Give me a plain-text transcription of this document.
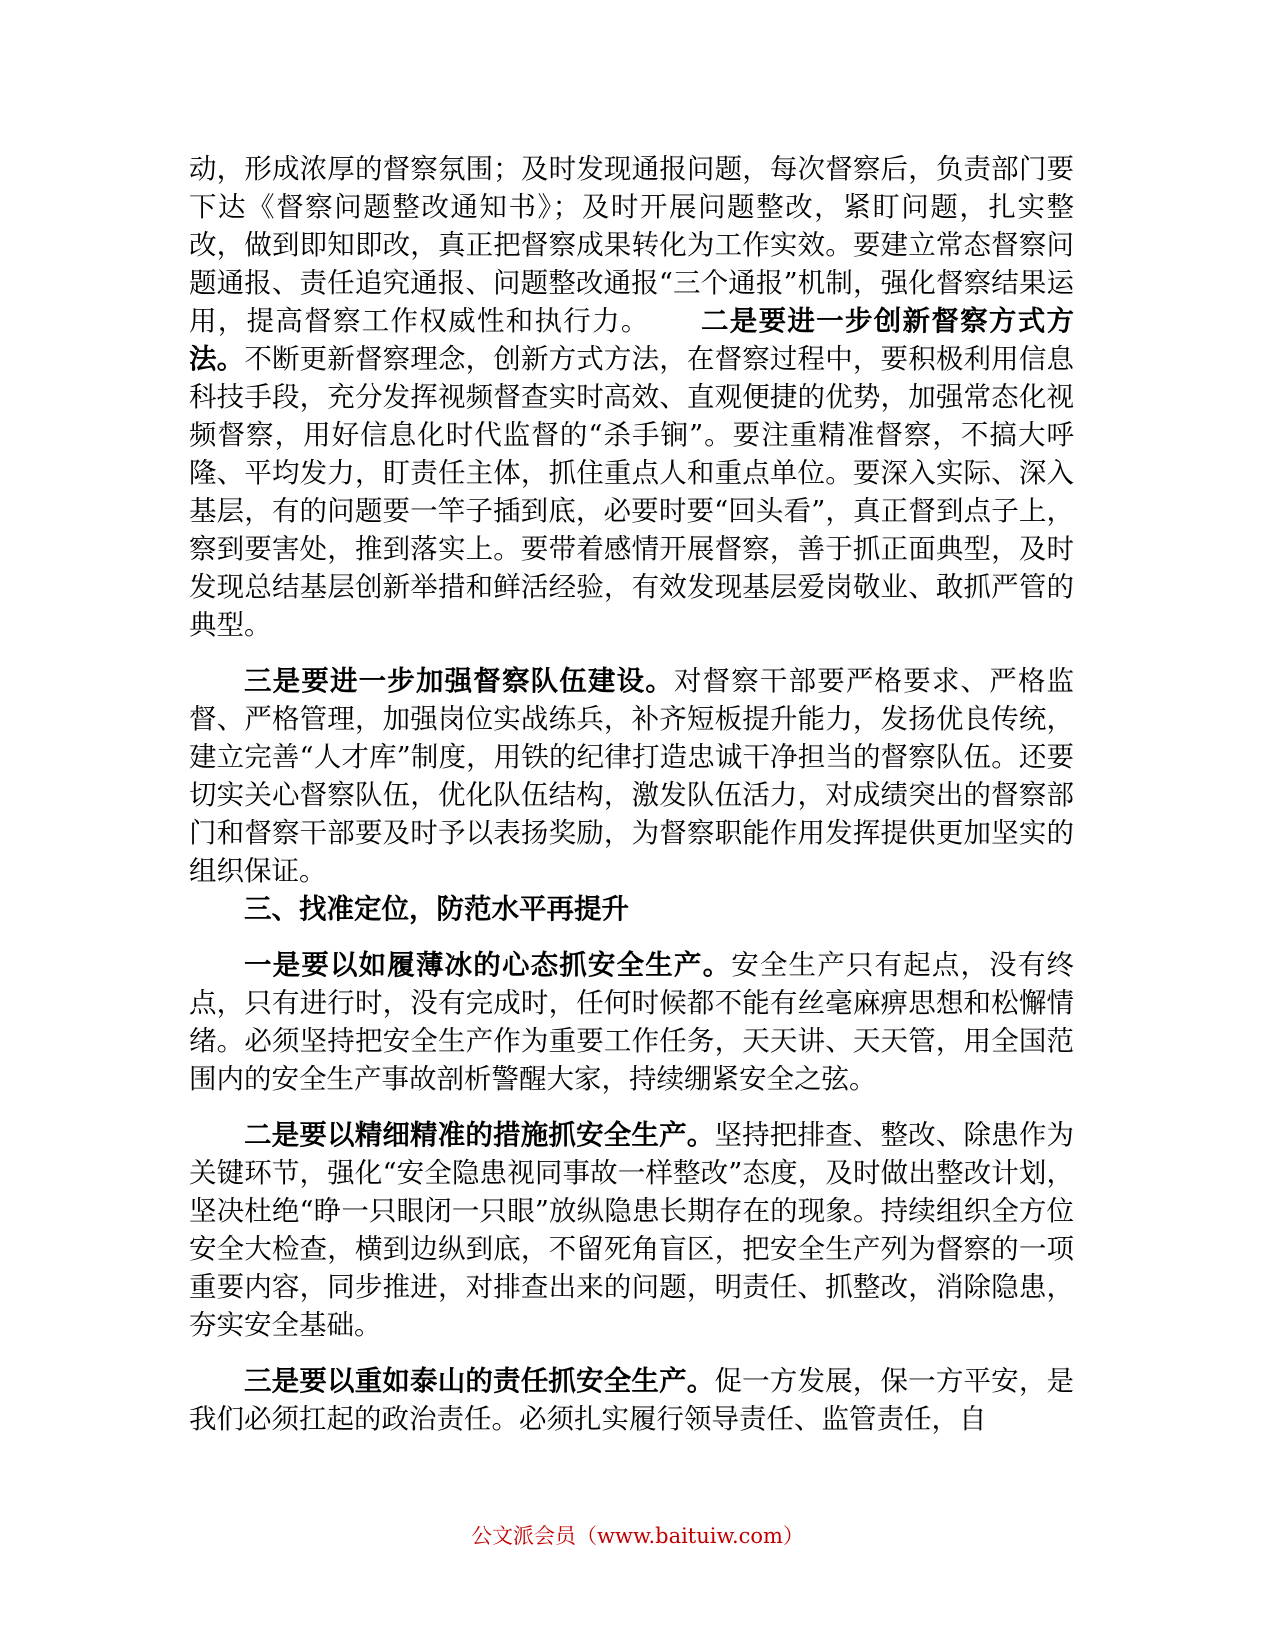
动，形成浓厚的督察氛围；及时发现通报问题，每次督察后，负责部门要下达《督察问题整改通知书》；及时开展问题整改，紧盯问题，扎实整改，做到即知即改，真正把督察成果转化为工作实效。要建立常态督察问题通报、责任追究通报、问题整改通报“三个通报”机制，强化督察结果运用，提高督察工作权威性和执行力。 二是要进一步创新督察方式方法。不断更新督察理念，创新方式方法，在督察过程中，要积极利用信息科技手段，充分发挥视频督查实时高效、直观便捷的优势，加强常态化视频督察，用好信息化时代监督的“杀手锏”。要注重精准督察，不搞大呼隆、平均发力，盯责任主体，抓住重点人和重点单位。要深入实际、深入基层，有的问题要一竿子插到底，必要时要“回头看”，真正督到点子上，察到要害处，推到落实上。要带着感情开展督察，善于抓正面典型，及时发现总结基层创新举措和鲜活经验，有效发现基层爱岗敬业、敢抓严管的典型。

三是要进一步加强督察队伍建设。对督察干部要严格要求、严格监督、严格管理，加强岗位实战练兵，补齐短板提升能力，发扬优良传统，建立完善“人才库”制度，用铁的纪律打造忠诚干净担当的督察队伍。还要切实关心督察队伍，优化队伍结构，激发队伍活力，对成绩突出的督察部门和督察干部要及时予以表扬奖励，为督察职能作用发挥提供更加坚实的组织保证。

三、找准定位，防范水平再提升

一是要以如履薄冰的心态抓安全生产。安全生产只有起点，没有终点，只有进行时，没有完成时，任何时候都不能有丝毫麻痹思想和松懈情绪。必须坚持把安全生产作为重要工作任务，天天讲、天天管，用全国范围内的安全生产事故剖析警醒大家，持续绷紧安全之弦。

二是要以精细精准的措施抓安全生产。坚持把排查、整改、除患作为关键环节，强化“安全隐患视同事故一样整改”态度，及时做出整改计划，坚决杜绝“睁一只眼闭一只眼”放纵隐患长期存在的现象。持续组织全方位安全大检查，横到边纵到底，不留死角盲区，把安全生产列为督察的一项重要内容，同步推进，对排查出来的问题，明责任、抓整改，消除隐患，夯实安全基础。

三是要以重如泰山的责任抓安全生产。促一方发展，保一方平安，是我们必须扛起的政治责任。必须扎实履行领导责任、监管责任，自

公文派会员（www.baituiw.com）
